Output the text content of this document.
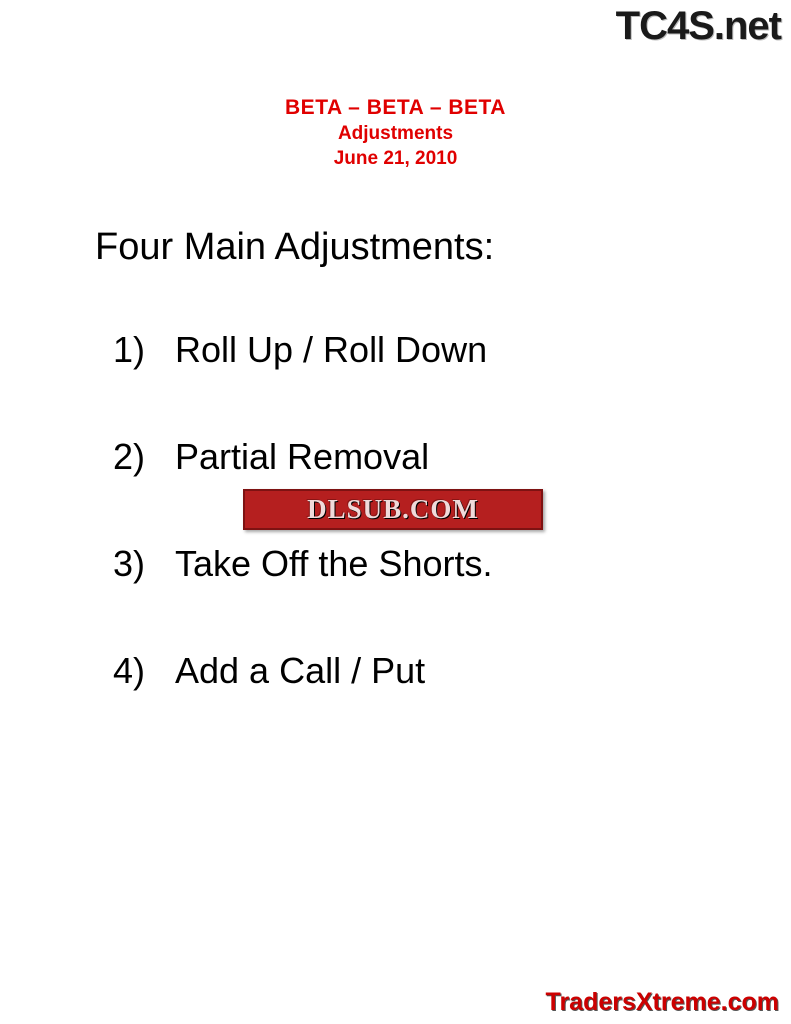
TC4S.net
BETA – BETA – BETA
Adjustments
June 21, 2010
Four Main Adjustments:
1) Roll Up / Roll Down
2) Partial Removal
3) Take Off the Shorts.
4) Add a Call / Put
DLSUB.COM
TradersXtreme.com
